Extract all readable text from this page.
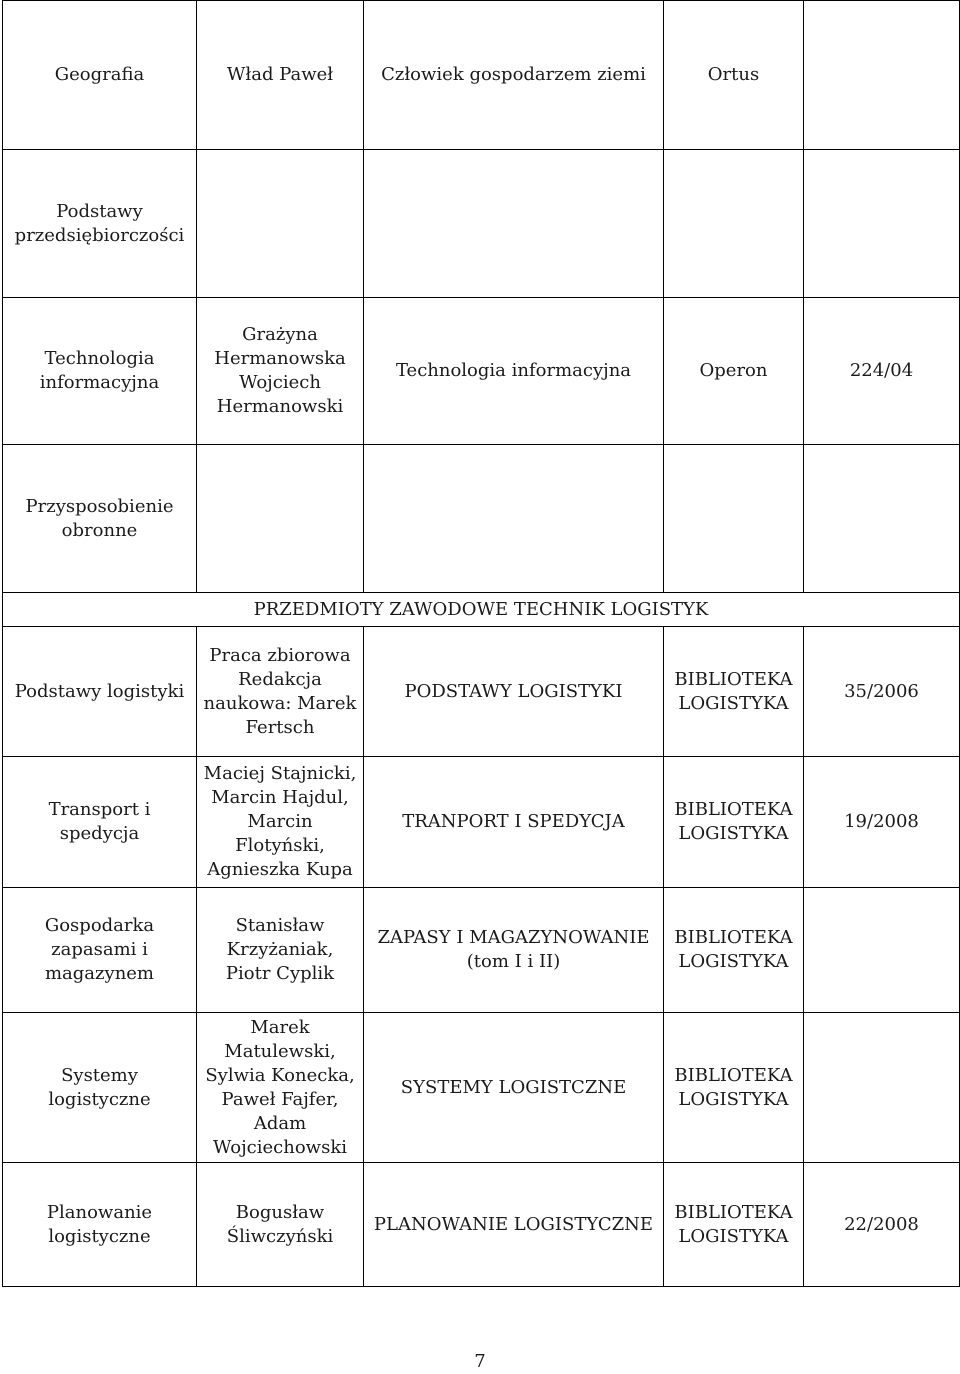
Geografia	Wład Paweł	Człowiek gospodarzem ziemi	Ortus	
Podstawy przedsiębiorczości				
Technologia informacyjna	Grażyna Hermanowska Wojciech Hermanowski	Technologia informacyjna	Operon	224/04
Przysposobienie obronne				
PRZEDMIOTY ZAWODOWE TECHNIK LOGISTYK				
Podstawy logistyki	Praca zbiorowa Redakcja naukowa: Marek Fertsch	PODSTAWY LOGISTYKI	BIBLIOTEKA LOGISTYKA	35/2006
Transport i spedycja	Maciej Stajnicki, Marcin Hajdul, Marcin Flotyński, Agnieszka Kupa	TRANPORT I SPEDYCJA	BIBLIOTEKA LOGISTYKA	19/2008
Gospodarka zapasami i magazynem	Stanisław Krzyżaniak, Piotr Cyplik	ZAPASY I MAGAZYNOWANIE (tom I i II)	BIBLIOTEKA LOGISTYKA	
Systemy logistyczne	Marek Matulewski, Sylwia Konecka, Paweł Fajfer, Adam Wojciechowski	SYSTEMY LOGISTCZNE	BIBLIOTEKA LOGISTYKA	
Planowanie logistyczne	Bogusław Śliwczyński	PLANOWANIE LOGISTYCZNE	BIBLIOTEKA LOGISTYKA	22/2008
7
